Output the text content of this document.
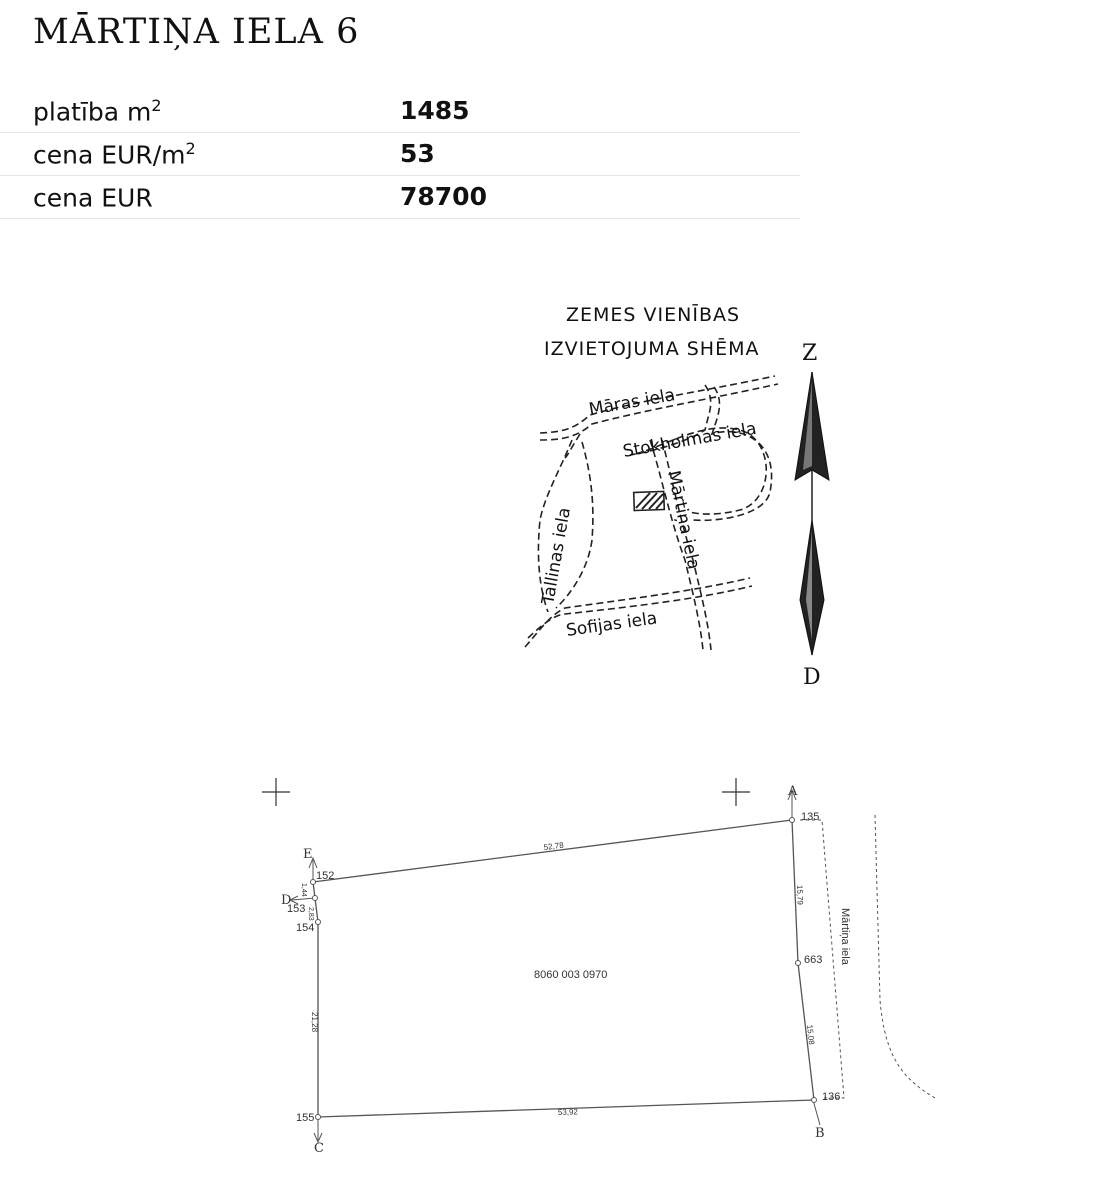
MĀRTIŅA IELA 6
platība $m^2$	1485
cena EUR/$m^2$	53
cena EUR	78700
Māras iela
Stokholmas iela
Mārtiņa iela
Tallinas iela
Sofijas iela
ZEMES VIENĪBAS
IZVIETOJUMA SHĒMA Z
D
A
B
C
D
E
135
663
136
155
154
153
152
52,78
15,79
15,08
53,92
21,28
2,83
1,44
8060 003 0970
Mārtiņa iela
